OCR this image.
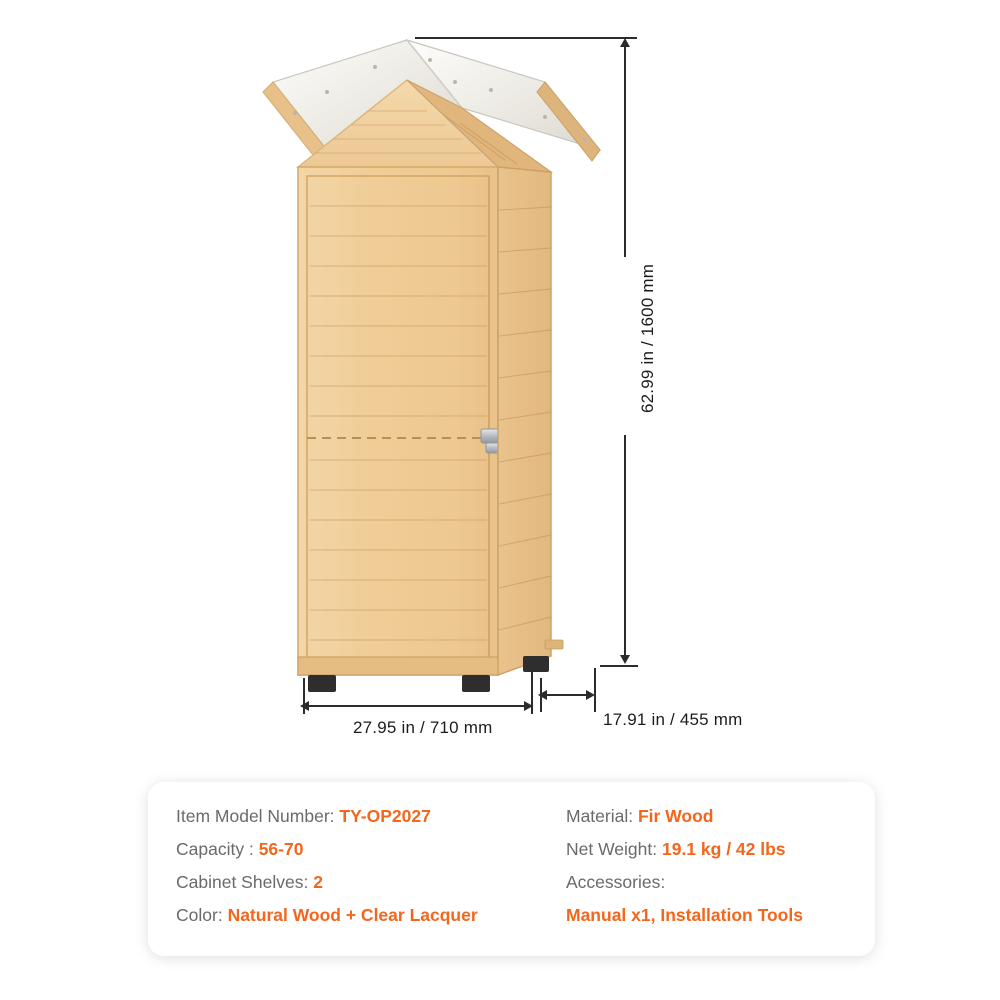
62.99 in / 1600 mm
27.95 in / 710 mm	17.91 in / 455 mm
Item Model Number: TY-OP2027
Capacity : 56-70
Cabinet Shelves: 2
Color: Natural Wood + Clear Lacquer
Material: Fir Wood
Net Weight: 19.1 kg / 42 lbs
Accessories:
Manual x1, Installation Tools
